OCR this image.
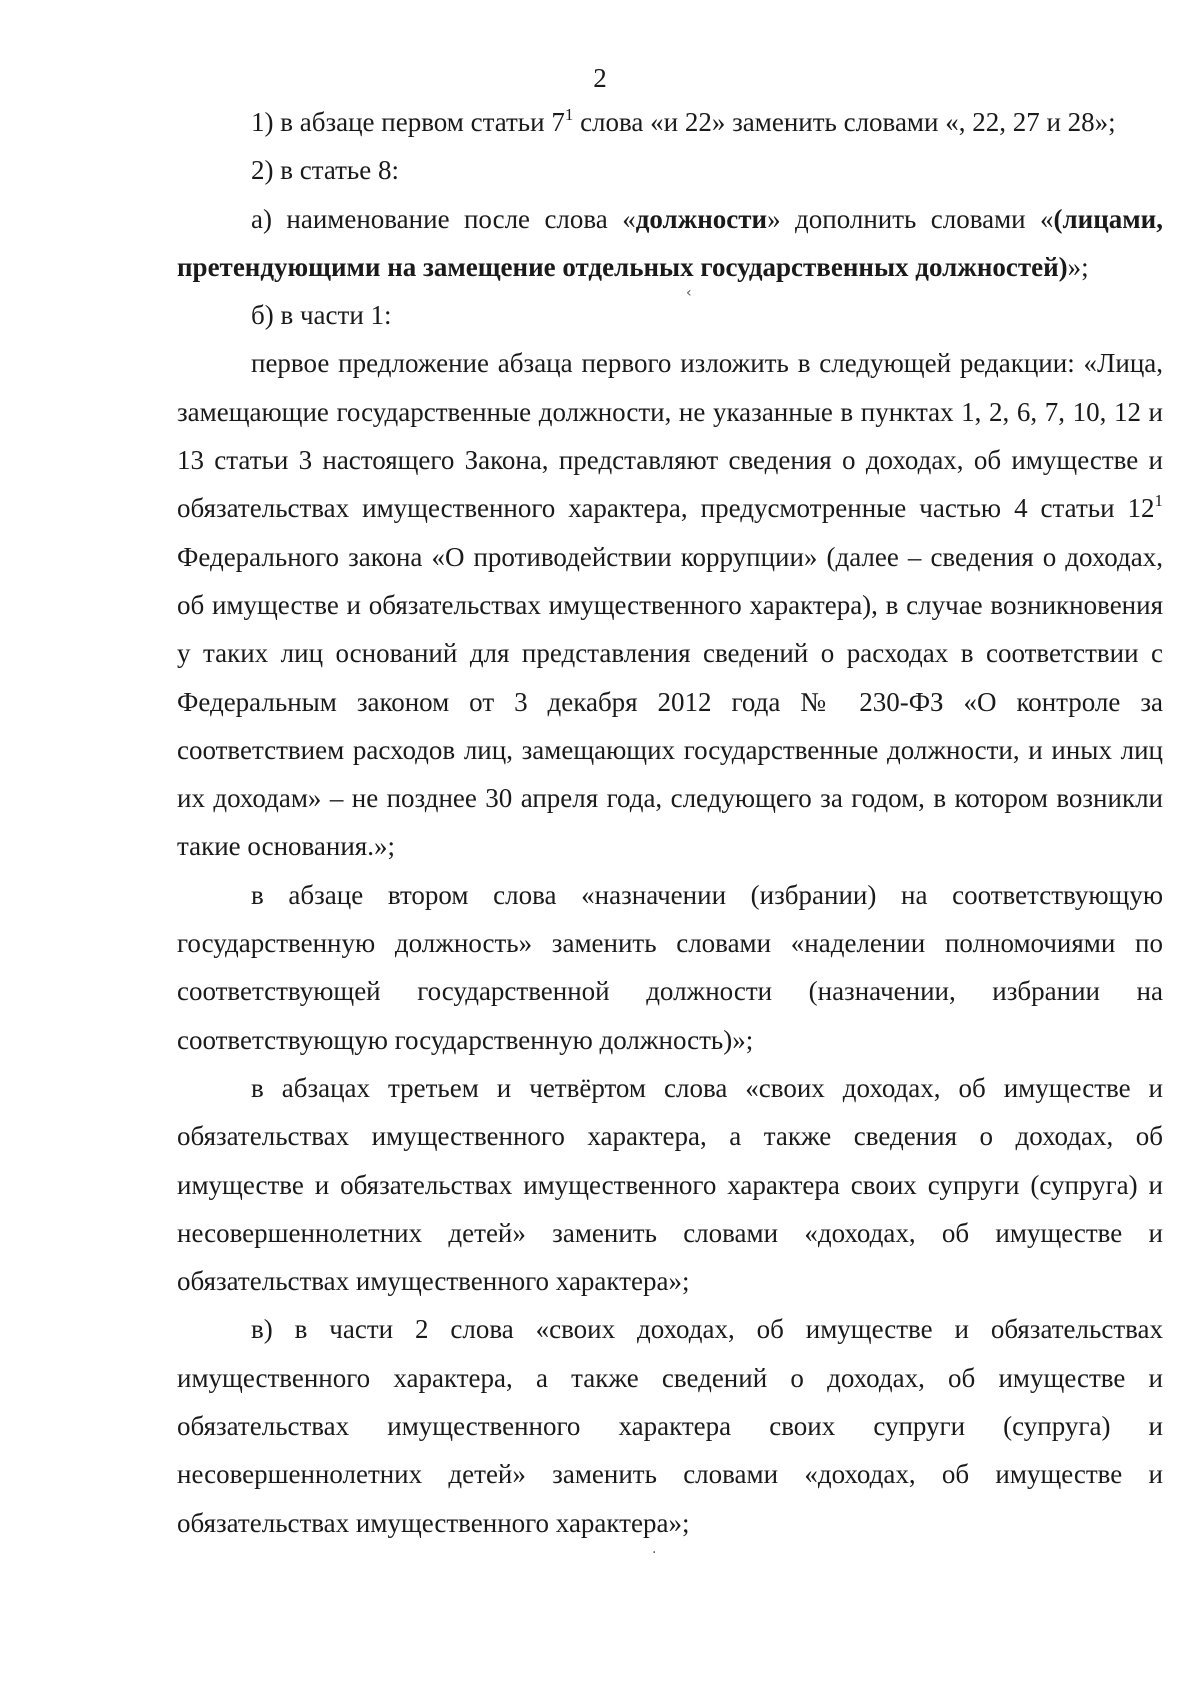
2

1) в абзаце первом статьи $7^1$ слова «и 22» заменить словами «, 22, 27 и 28»;

2) в статье 8:

а) наименование после слова «должности» дополнить словами «(лицами, претендующими на замещение отдельных государственных должностей)»;

б) в части 1:

первое предложение абзаца первого изложить в следующей редакции: «Лица, замещающие государственные должности, не указанные в пунктах 1, 2, 6, 7, 10, 12 и 13 статьи 3 настоящего Закона, представляют сведения о доходах, об имуществе и обязательствах имущественного характера, предусмотренные частью 4 статьи $12^1$ Федерального закона «О противодействии коррупции» (далее – сведения о доходах, об имуществе и обязательствах имущественного характера), в случае возникновения у таких лиц оснований для представления сведений о расходах в соответствии с Федеральным законом от 3 декабря 2012 года № 230-ФЗ «О контроле за соответствием расходов лиц, замещающих государственные должности, и иных лиц их доходам» – не позднее 30 апреля года, следующего за годом, в котором возникли такие основания.»;

в абзаце втором слова «назначении (избрании) на соответствующую государственную должность» заменить словами «наделении полномочиями по соответствующей государственной должности (назначении, избрании на соответствующую государственную должность)»;

в абзацах третьем и четвёртом слова «своих доходах, об имуществе и обязательствах имущественного характера, а также сведения о доходах, об имуществе и обязательствах имущественного характера своих супруги (супруга) и несовершеннолетних детей» заменить словами «доходах, об имуществе и обязательствах имущественного характера»;

в) в части 2 слова «своих доходах, об имуществе и обязательствах имущественного характера, а также сведений о доходах, об имуществе и обязательствах имущественного характера своих супруги (супруга) и несовершеннолетних детей» заменить словами «доходах, об имуществе и обязательствах имущественного характера»;

‹
·
